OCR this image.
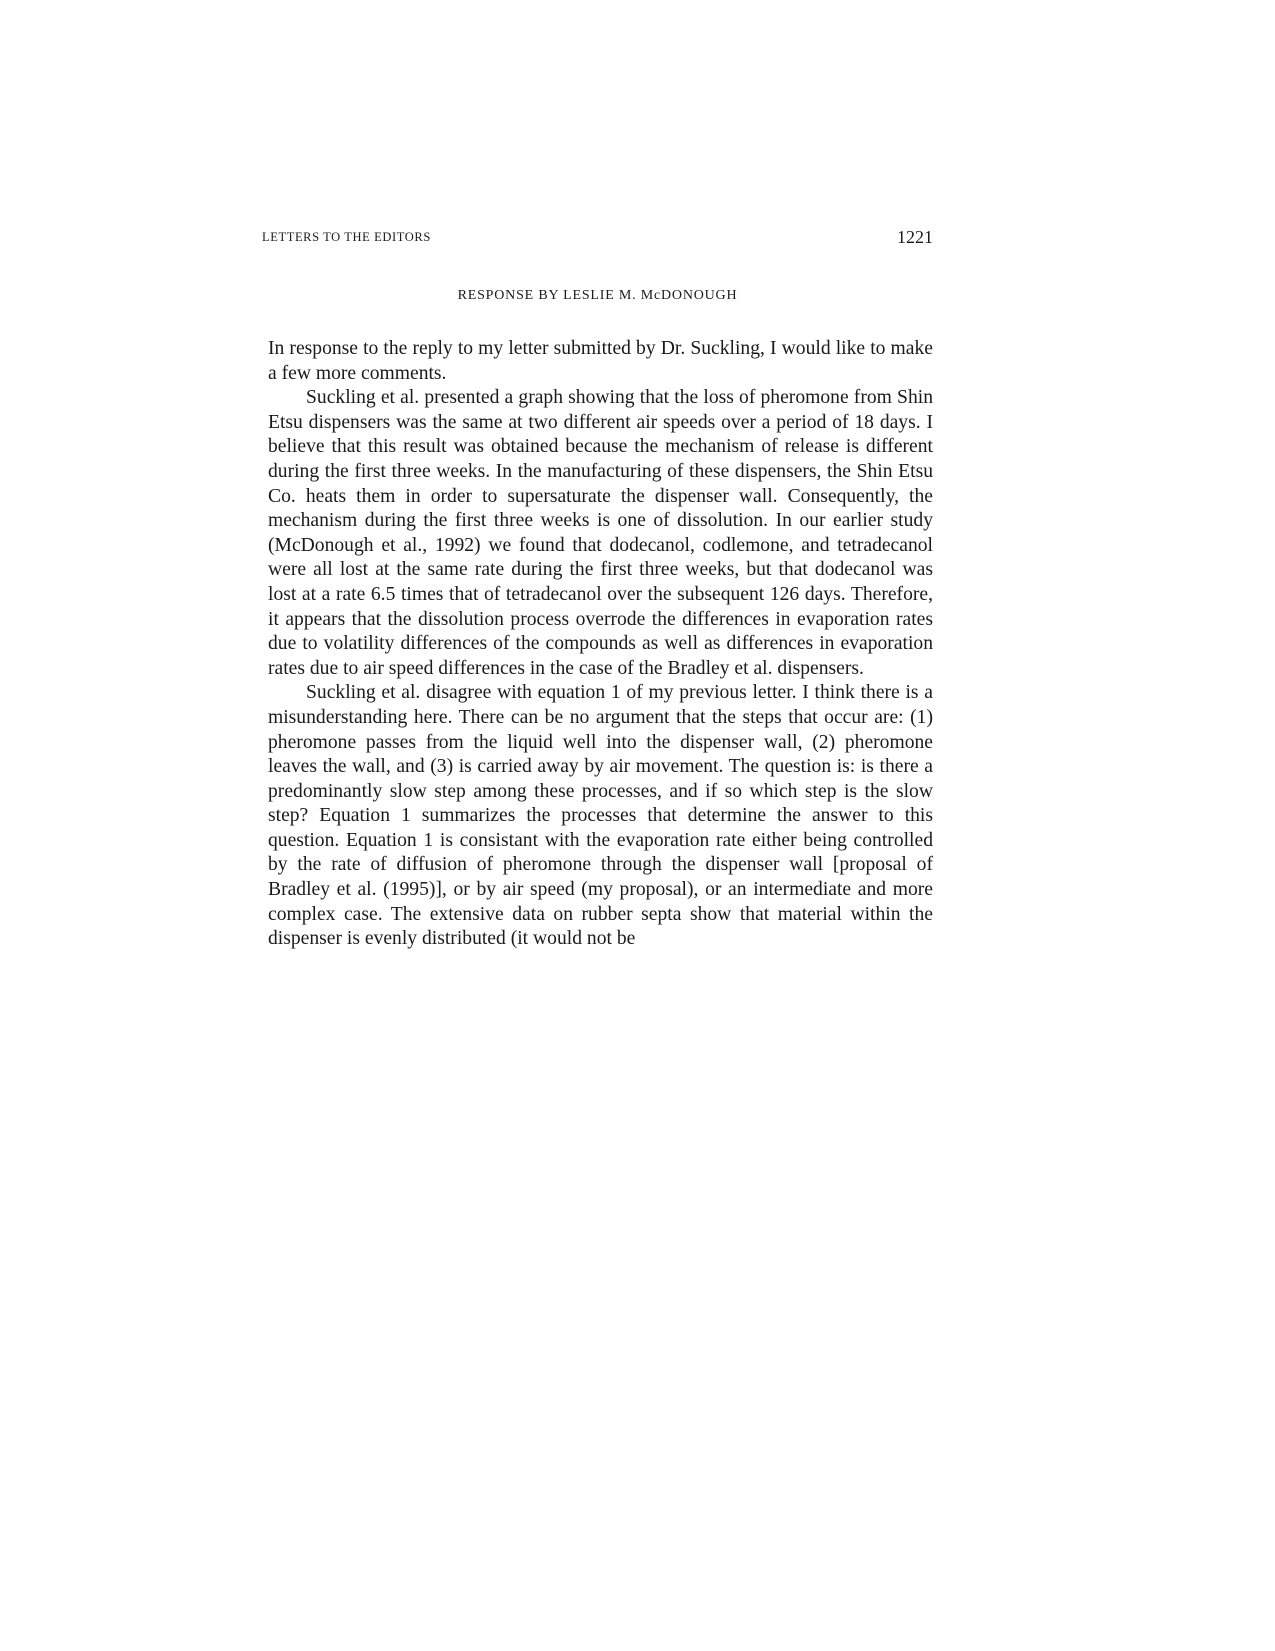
LETTERS TO THE EDITORS	1221
RESPONSE BY LESLIE M. McDONOUGH

In response to the reply to my letter submitted by Dr. Suckling, I would like to make a few more comments.

Suckling et al. presented a graph showing that the loss of pheromone from Shin Etsu dispensers was the same at two different air speeds over a period of 18 days. I believe that this result was obtained because the mechanism of release is different during the first three weeks. In the manufacturing of these dispensers, the Shin Etsu Co. heats them in order to supersaturate the dispenser wall. Consequently, the mechanism during the first three weeks is one of dissolution. In our earlier study (McDonough et al., 1992) we found that dodecanol, codlemone, and tetradecanol were all lost at the same rate during the first three weeks, but that dodecanol was lost at a rate 6.5 times that of tetradecanol over the subsequent 126 days. Therefore, it appears that the dissolution process overrode the differences in evaporation rates due to volatility differences of the compounds as well as differences in evaporation rates due to air speed differences in the case of the Bradley et al. dispensers.

Suckling et al. disagree with equation 1 of my previous letter. I think there is a misunderstanding here. There can be no argument that the steps that occur are: (1) pheromone passes from the liquid well into the dispenser wall, (2) pheromone leaves the wall, and (3) is carried away by air movement. The question is: is there a predominantly slow step among these processes, and if so which step is the slow step? Equation 1 summarizes the processes that determine the answer to this question. Equation 1 is consistant with the evaporation rate either being controlled by the rate of diffusion of pheromone through the dispenser wall [proposal of Bradley et al. (1995)], or by air speed (my proposal), or an intermediate and more complex case. The extensive data on rubber septa show that material within the dispenser is evenly distributed (it would not be
